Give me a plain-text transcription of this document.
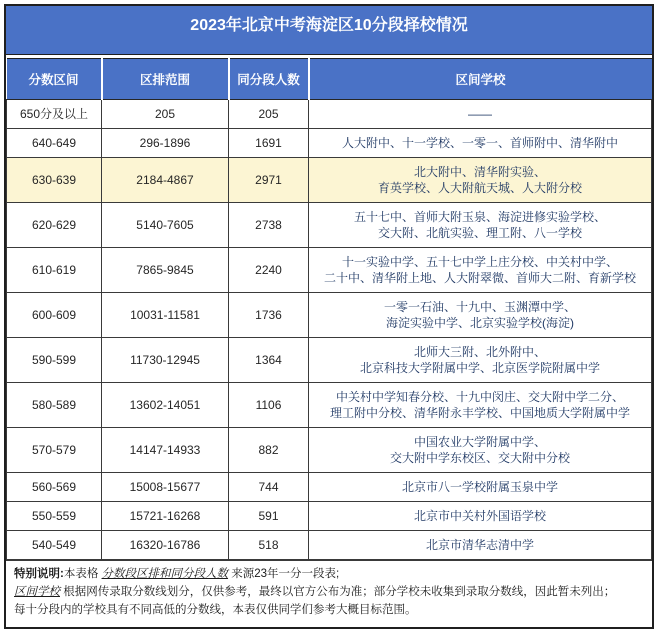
2023年北京中考海淀区10分段择校情况
分数区间	区排范围	同分段人数	区间学校
650分及以上	205	205	——

640-649	296-1896	1691	人大附中、十一学校、一零一、首师附中、清华附中

630-639	2184-4867	2971	北大附中、清华附实验、
育英学校、人大附航天城、人大附分校

620-629	5140-7605	2738	五十七中、首师大附玉泉、海淀进修实验学校、
交大附、北航实验、理工附、八一学校

610-619	7865-9845	2240	十一实验中学、五十七中学上庄分校、中关村中学、
二十中、清华附上地、人大附翠微、首师大二附、育新学校

600-609	10031-11581	1736	一零一石油、十九中、玉渊潭中学、
海淀实验中学、北京实验学校(海淀)

590-599	11730-12945	1364	北师大三附、北外附中、
北京科技大学附属中学、北京医学院附属中学

580-589	13602-14051	1106	中关村中学知春分校、十九中闵庄、交大附中学二分、
理工附中分校、清华附永丰学校、中国地质大学附属中学

570-579	14147-14933	882	中国农业大学附属中学、
交大附中学东校区、交大附中分校

560-569	15008-15677	744	北京市八一学校附属玉泉中学

550-559	15721-16268	591	北京市中关村外国语学校

540-549	16320-16786	518	北京市清华志清中学

特别说明:本表格 分数段区排和同分段人数 来源23年一分一段表;

区间学校 根据网传录取分数线划分，仅供参考，最终以官方公布为准；部分学校未收集到录取分数线，因此暂未列出；

每十分段内的学校具有不同高低的分数线，本表仅供同学们参考大概目标范围。
